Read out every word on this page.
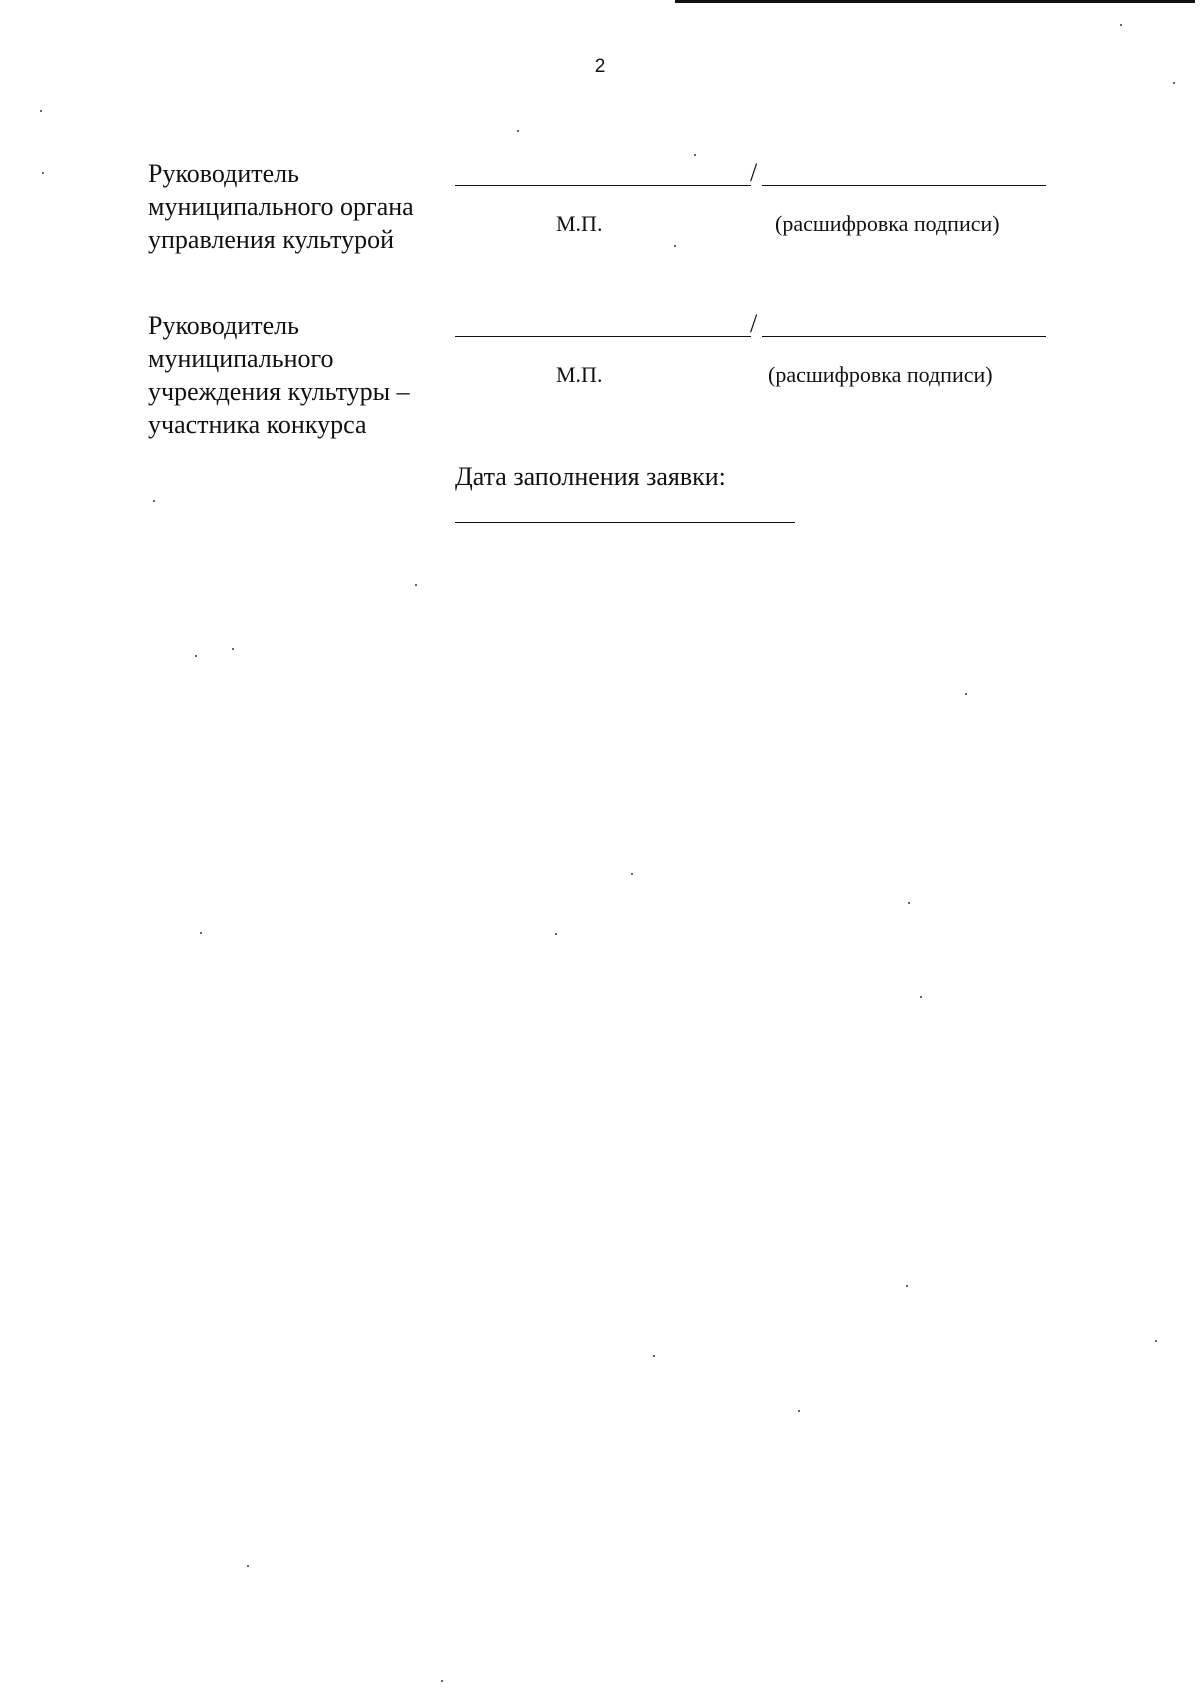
2
Руководитель
муниципального органа
управления культурой
/
М.П.	(расшифровка подписи)
Руководитель
муниципального
учреждения культуры –
участника конкурса
/
М.П.	(расшифровка подписи)
Дата заполнения заявки:
